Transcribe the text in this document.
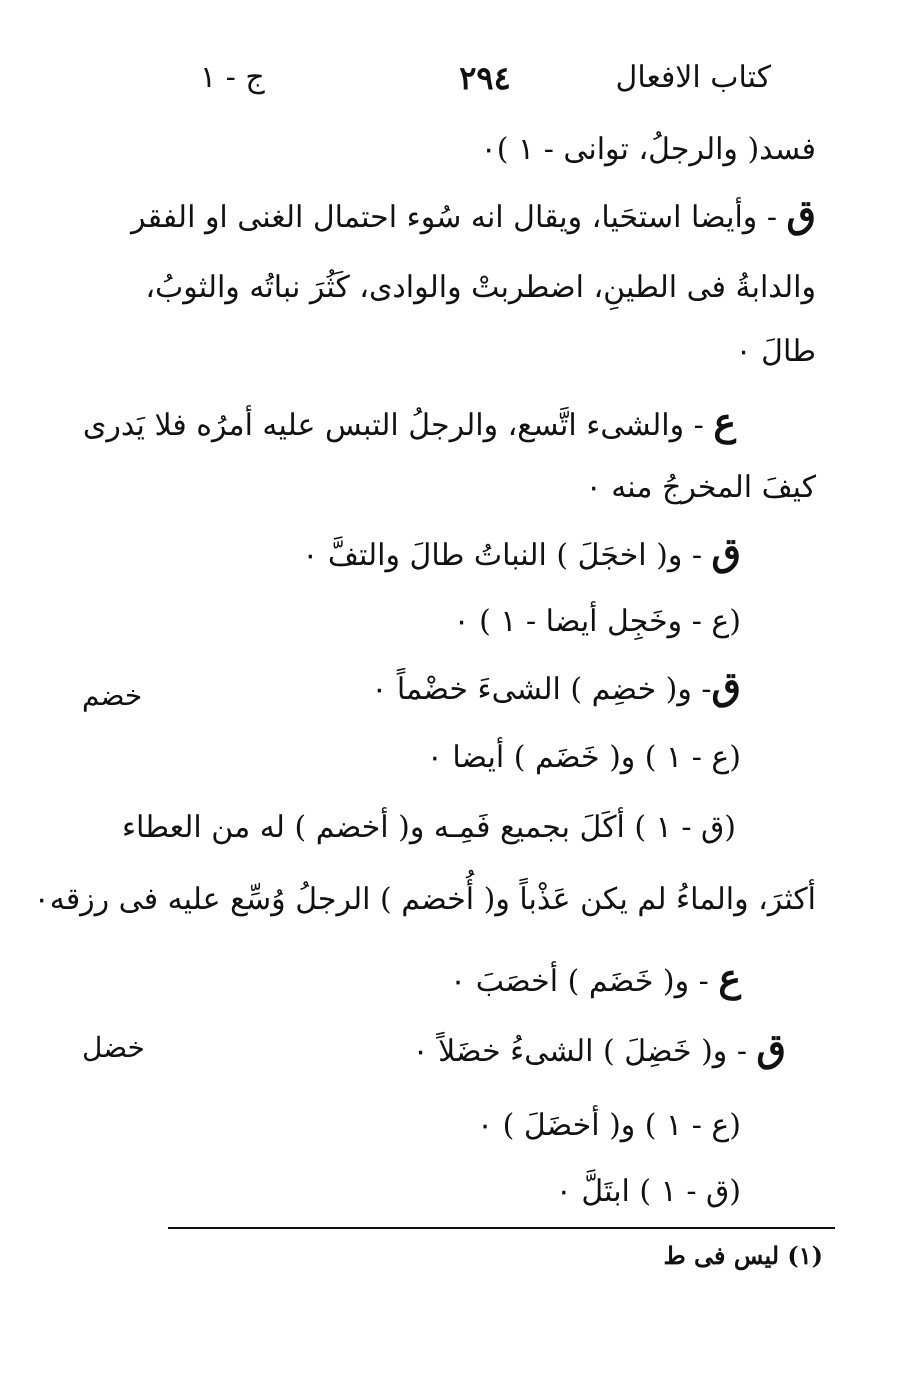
كتاب الافعال
٢٩٤
ج - ١
فسد( والرجلُ، توانى - ١ )٠
ق - وأيضا استحَيا، ويقال انه سُوء احتمال الغنى او الفقر
والدابةُ فى الطينِ، اضطربتْ والوادى، كَثُرَ نباتُه والثوبُ،
طالَ ٠
ع - والشىء اتَّسع، والرجلُ التبس عليه أمرُه فلا يَدرى
كيفَ المخرجُ منه ٠
ق - و( اخجَلَ ) النباتُ طالَ والتفَّ ٠
(ع - وخَجِل أيضا - ١ ) ٠
ق- و( خضِم ) الشىءَ خضْماً ٠
(ع - ١ ) و( خَضَم ) أيضا ٠
(ق - ١ ) أكَلَ بجميع فَمِـه و( أخضم ) له من العطاء
أكثرَ، والماءُ لم يكن عَذْباً و( أُخضم ) الرجلُ وُسِّع عليه فى رزقه٠
ع - و( خَضَم ) أخصَبَ ٠
ق - و( خَضِلَ ) الشىءُ خضَلاً ٠
(ع - ١ ) و( أخضَلَ ) ٠
(ق - ١ ) ابتَلَّ ٠
خضم
خضل
(١) ليس فى ط
